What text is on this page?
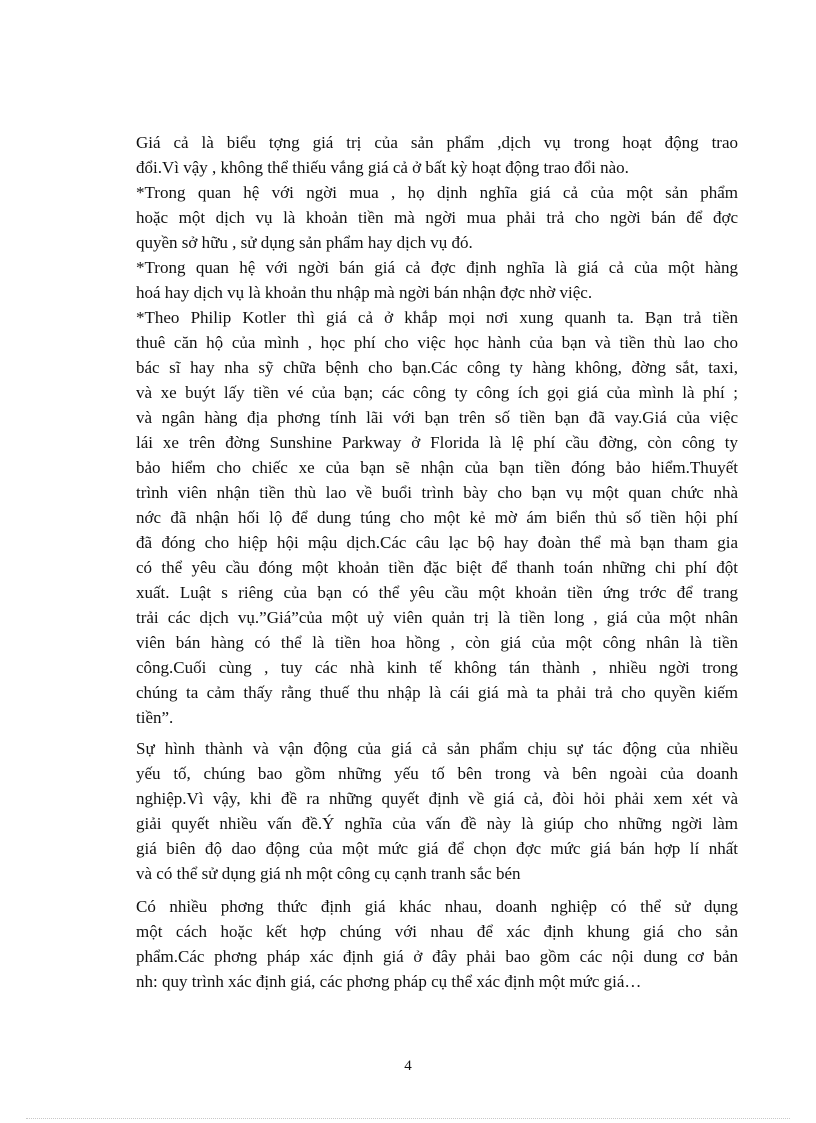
Giá cả là biểu tợng giá trị của sản phẩm ,dịch vụ trong hoạt động trao
đổi.Vì vậy , không thể thiếu vắng giá cả ở bất kỳ hoạt động trao đổi nào.
*Trong quan hệ với ngời mua , họ dịnh nghĩa giá cả của một sản phẩm
hoặc một dịch vụ là khoản tiền mà ngời mua phải trả cho ngời bán để đợc
quyền sở hữu , sử dụng sản phẩm hay dịch vụ đó.
*Trong quan hệ với ngời bán giá cả đợc định nghĩa là giá cả của một hàng
hoá hay dịch vụ là khoản thu nhập mà ngời bán nhận đợc nhờ việc.
*Theo Philip Kotler thì giá cả ở khắp mọi nơi xung quanh ta. Bạn trả tiền
thuê căn hộ của mình , học phí cho việc học hành của bạn và tiền thù lao cho
bác sĩ hay nha sỹ chữa bệnh cho bạn.Các công ty hàng không, đờng sắt, taxi,
và xe buýt lấy tiền vé của bạn; các công ty công ích gọi giá của mình là phí ;
và ngân hàng địa phơng tính lãi với bạn trên số tiền bạn đã vay.Giá của việc
lái xe trên đờng Sunshine Parkway ở Florida là lệ phí cầu đờng, còn công ty
bảo hiểm cho chiếc xe của bạn sẽ nhận của bạn tiền đóng bảo hiểm.Thuyết
trình viên nhận tiền thù lao về buổi trình bày cho bạn vụ một quan chức nhà
nớc đã nhận hối lộ để dung túng cho một kẻ mờ ám biển thủ số tiền hội phí
đã đóng cho hiệp hội mậu dịch.Các câu lạc bộ hay đoàn thể mà bạn tham gia
có thể yêu cầu đóng một khoản tiền đặc biệt để thanh toán những chi phí đột
xuất. Luật s riêng của bạn có thể yêu cầu một khoản tiền ứng trớc để trang
trải các dịch vụ.”Giá”của một uỷ viên quản trị là tiền long , giá của một nhân
viên bán hàng có thể là tiền hoa hồng , còn giá của một công nhân là tiền
công.Cuối cùng , tuy các nhà kinh tế không tán thành , nhiều ngời trong
chúng ta cảm thấy rằng thuế thu nhập là cái giá mà ta phải trả cho quyền kiếm
tiền”.
Sự hình thành và vận động của giá cả sản phẩm chịu sự tác động của nhiều
yếu tố, chúng bao gồm những yếu tố bên trong và bên ngoài của doanh
nghiệp.Vì vậy, khi đề ra những quyết định về giá cả, đòi hỏi phải xem xét và
giải quyết nhiều vấn đề.Ý nghĩa của vấn đề này là giúp cho những ngời làm
giá biên độ dao động của một mức giá để chọn đợc mức giá bán hợp lí nhất
và có thể sử dụng giá nh một công cụ cạnh tranh sắc bén
Có nhiều phơng thức định giá khác nhau, doanh nghiệp có thể sử dụng
một cách hoặc kết hợp chúng với nhau để xác định khung giá cho sản
phẩm.Các phơng pháp xác định giá ở đây phải bao gồm các nội dung cơ bản
nh: quy trình xác định giá, các phơng pháp cụ thể xác định một mức giá…
4
